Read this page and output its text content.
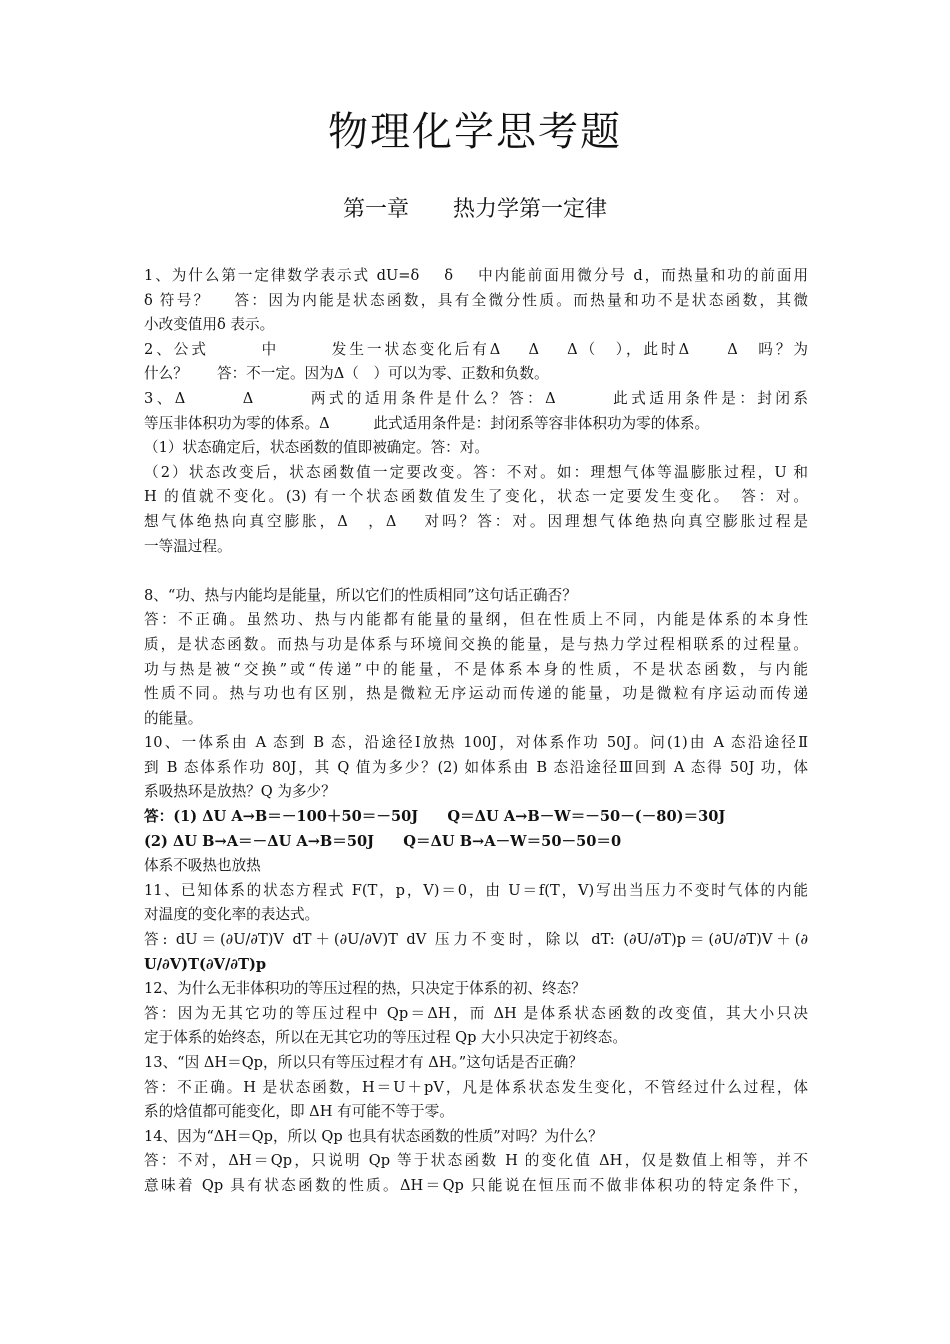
物理化学思考题
第一章　　热力学第一定律
1、为什么第一定律数学表示式 dU=δ　 δ　 中内能前面用微分号 d，而热量和功的前面用
δ 符号？　 答：因为内能是状态函数，具有全微分性质。而热量和功不是状态函数，其微
小改变值用δ 表示。
2、公式　　　中　　　发生一状态变化后有Δ　 Δ　 Δ（　），此时Δ　　Δ　吗？为
什么？　　答：不一定。因为Δ（　）可以为零、正数和负数。
3、Δ　　　Δ　　　两式的适用条件是什么？答：Δ　　　此式适用条件是：封闭系
等压非体积功为零的体系。Δ　　　此式适用条件是：封闭系等容非体积功为零的体系。
（1）状态确定后，状态函数的值即被确定。答：对。
（2）状态改变后，状态函数值一定要改变。答：不对。如：理想气体等温膨胀过程，U 和
H 的值就不变化。(3) 有一个状态函数值发生了变化，状态一定要发生变化。　答：对。
想气体绝热向真空膨胀，Δ　，Δ　 对吗？答：对。因理想气体绝热向真空膨胀过程是
一等温过程。
8、“功、热与内能均是能量，所以它们的性质相同”这句话正确否？
答：不正确。虽然功、热与内能都有能量的量纲，但在性质上不同，内能是体系的本身性
质，是状态函数。而热与功是体系与环境间交换的能量，是与热力学过程相联系的过程量。
功与热是被“交换”或“传递”中的能量，不是体系本身的性质，不是状态函数，与内能
性质不同。热与功也有区别，热是微粒无序运动而传递的能量，功是微粒有序运动而传递
的能量。
10、一体系由 A 态到 B 态，沿途径Ⅰ放热 100J，对体系作功 50J。问(1)由 A 态沿途径Ⅱ
到 B 态体系作功 80J，其 Q 值为多少？(2) 如体系由 B 态沿途径Ⅲ回到 A 态得 50J 功，体
系吸热环是放热？Q 为多少？
答：(1) ΔU A→B＝－100＋50＝－50J　　Q＝ΔU A→B－W＝－50－(－80)＝30J
(2) ΔU B→A＝－ΔU A→B＝50J　　Q＝ΔU B→A－W＝50－50＝0
体系不吸热也放热
11、已知体系的状态方程式 F(T，p，V)＝0，由 U＝f(T，V)写出当压力不变时气体的内能
对温度的变化率的表达式。
答: dU＝(∂U/∂T)V dT＋(∂U/∂V)T dV 压力不变时，除以 dT: (∂U/∂T)p＝(∂U/∂T)V＋(∂
U/∂V)T(∂V/∂T)p
12、为什么无非体积功的等压过程的热，只决定于体系的初、终态？
答：因为无其它功的等压过程中 Qp＝ΔH，而 ΔH 是体系状态函数的改变值，其大小只决
定于体系的始终态，所以在无其它功的等压过程 Qp 大小只决定于初终态。
13、“因 ΔH＝Qp，所以只有等压过程才有 ΔH。”这句话是否正确？
答：不正确。H 是状态函数，H＝U＋pV，凡是体系状态发生变化，不管经过什么过程，体
系的焓值都可能变化，即 ΔH 有可能不等于零。
14、因为“ΔH＝Qp，所以 Qp 也具有状态函数的性质”对吗？为什么？
答：不对，ΔH＝Qp，只说明 Qp 等于状态函数 H 的变化值 ΔH，仅是数值上相等，并不
意味着 Qp 具有状态函数的性质。ΔH＝Qp 只能说在恒压而不做非体积功的特定条件下，
